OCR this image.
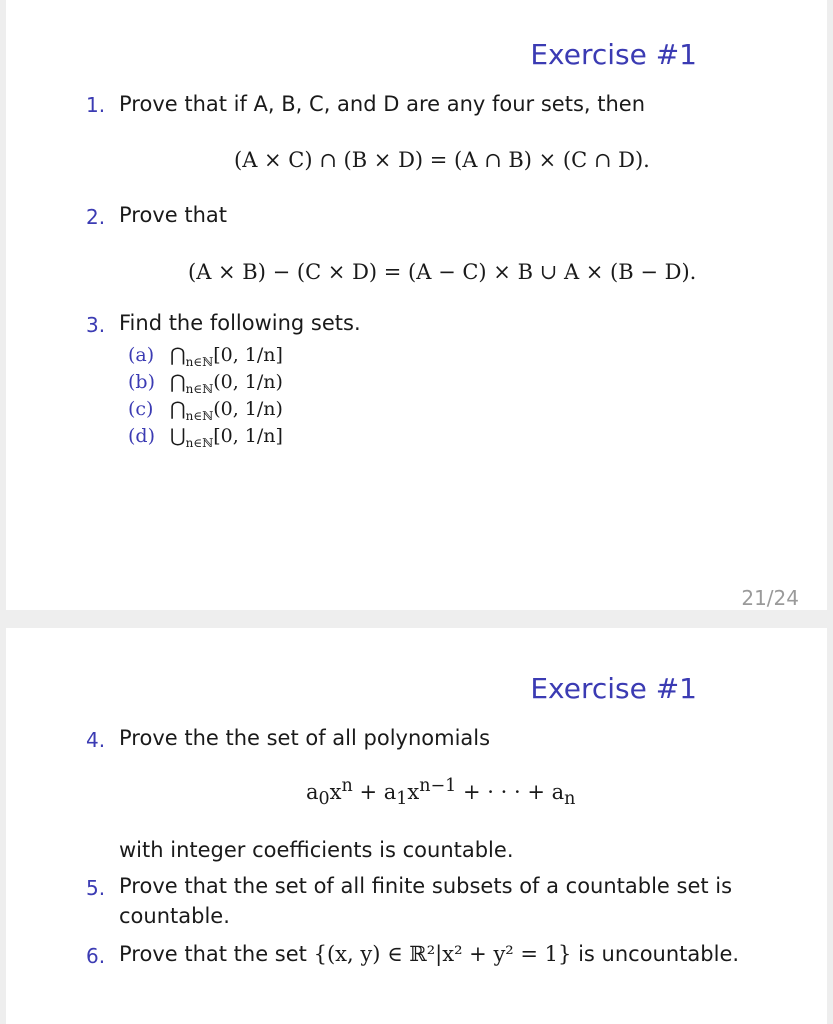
Exercise #1
1. Prove that if A, B, C, and D are any four sets, then
(A × C) ∩ (B × D) = (A ∩ B) × (C ∩ D).
2. Prove that
(A × B) − (C × D) = (A − C) × B ∪ A × (B − D).
3. Find the following sets.
(a) $⋂_{n\in ℕ}[0$, 1/n]
(b) $⋂_{n\in ℕ}(0$, 1/n)
(c) $⋂_{n\in ℕ}(0$, 1/n)
(d) $⋃_{n\in ℕ}[0$, 1/n]
21/24
Exercise #1
4. Prove the the set of all polynomials
$a_0x^n + a_1x^{n-1}$ + · · · + $a_n$
with integer coefficients is countable.
5. Prove that the set of all finite subsets of a countable set is
countable.
6. Prove that the set {(x, y) ∈ ℝ²|x² + y² = 1} is uncountable.
